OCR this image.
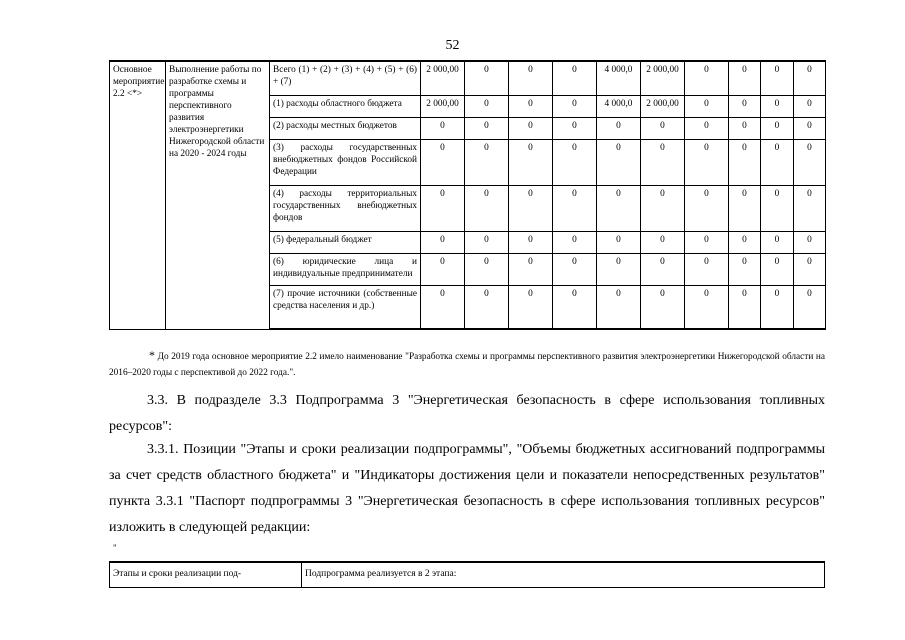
52
Основное мероприятие 2.2 <*>	Выполнение работы по разработке схемы и программы перспективного развития электроэнергетики Нижегородской области на 2020 - 2024 годы	Всего (1) + (2) + (3) + (4) + (5) + (6) + (7)	2 000,00	0	0	0	4 000,0	2 000,00	0	0	0	0
		(1) расходы областного бюджета	2 000,00	0	0	0	4 000,0	2 000,00	0	0	0	0
		(2) расходы местных бюджетов	0	0	0	0	0	0	0	0	0	0
		(3) расходы государственных внебюджетных фондов Российской Федерации	0	0	0	0	0	0	0	0	0	0
		(4) расходы территориальных государственных внебюджетных фондов	0	0	0	0	0	0	0	0	0	0
		(5) федеральный бюджет	0	0	0	0	0	0	0	0	0	0
		(6) юридические лица и индивидуальные предприниматели	0	0	0	0	0	0	0	0	0	0
		(7) прочие источники (собственные средства населения и др.)	0	0	0	0	0	0	0	0	0	0
* До 2019 года основное мероприятие 2.2 имело наименование "Разработка схемы и программы перспективного развития электроэнергетики Нижегородской области на 2016–2020 годы с перспективой до 2022 года.".

3.3. В подразделе 3.3 Подпрограмма 3 "Энергетическая безопасность в сфере использования топливных ресурсов":

3.3.1. Позиции "Этапы и сроки реализации подпрограммы", "Объемы бюджетных ассигнований подпрограммы за счет средств областного бюджета" и "Индикаторы достижения цели и показатели непосредственных результатов" пункта 3.3.1 "Паспорт подпрограммы 3 "Энергетическая безопасность в сфере использования топливных ресурсов" изложить в следующей редакции:

"
Этапы и сроки реализации под-	Подпрограмма реализуется в 2 этапа:
